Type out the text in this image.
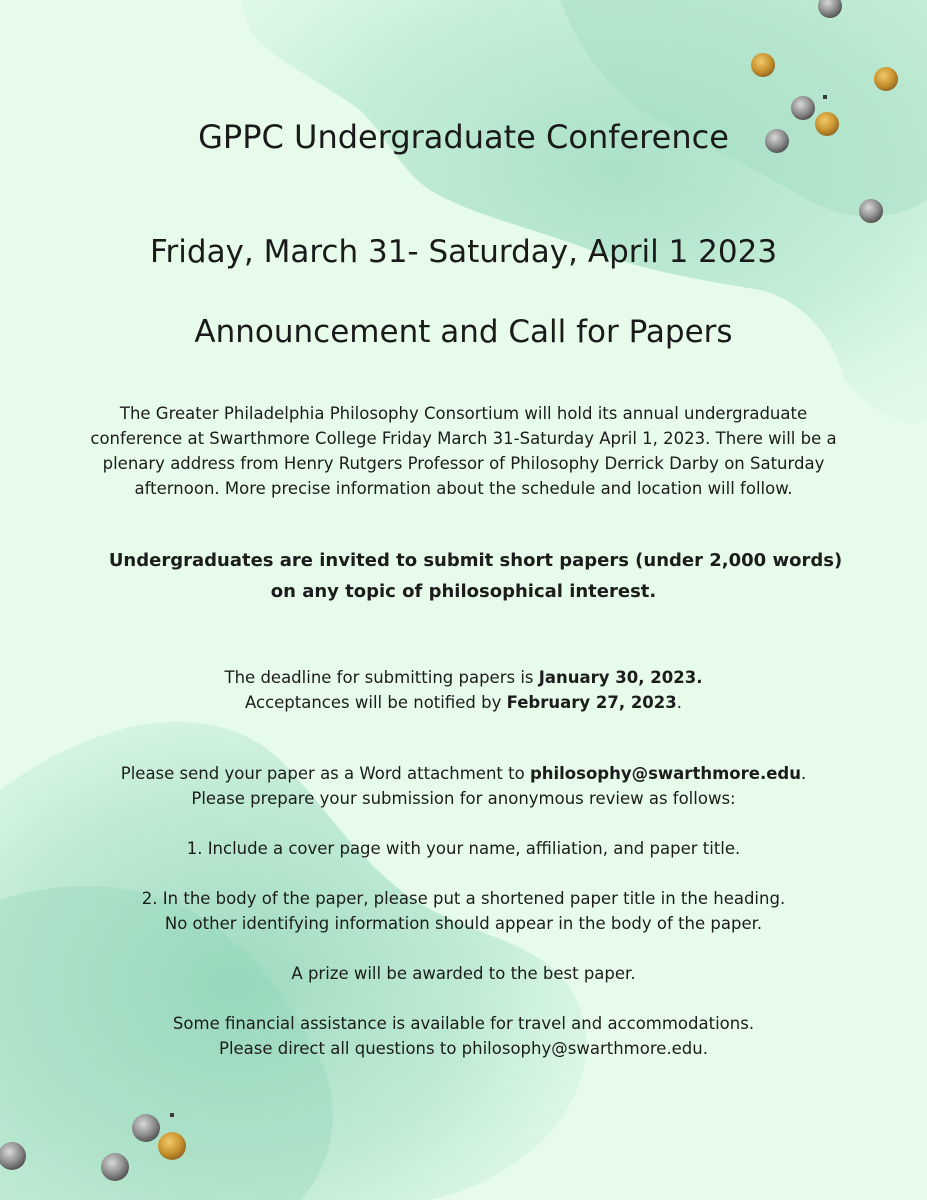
GPPC Undergraduate Conference

Friday, March 31- Saturday, April 1 2023

Announcement and Call for Papers

The Greater Philadelphia Philosophy Consortium will hold its annual undergraduate

conference at Swarthmore College Friday March 31-Saturday April 1, 2023. There will be a

plenary address from Henry Rutgers Professor of Philosophy Derrick Darby on Saturday

afternoon. More precise information about the schedule and location will follow.

Undergraduates are invited to submit short papers (under 2,000 words)

on any topic of philosophical interest.

The deadline for submitting papers is January 30, 2023.

Acceptances will be notified by February 27, 2023.

Please send your paper as a Word attachment to philosophy@swarthmore.edu.

Please prepare your submission for anonymous review as follows:

1. Include a cover page with your name, affiliation, and paper title.

2. In the body of the paper, please put a shortened paper title in the heading.

No other identifying information should appear in the body of the paper.

A prize will be awarded to the best paper.

Some financial assistance is available for travel and accommodations.

Please direct all questions to philosophy@swarthmore.edu.
